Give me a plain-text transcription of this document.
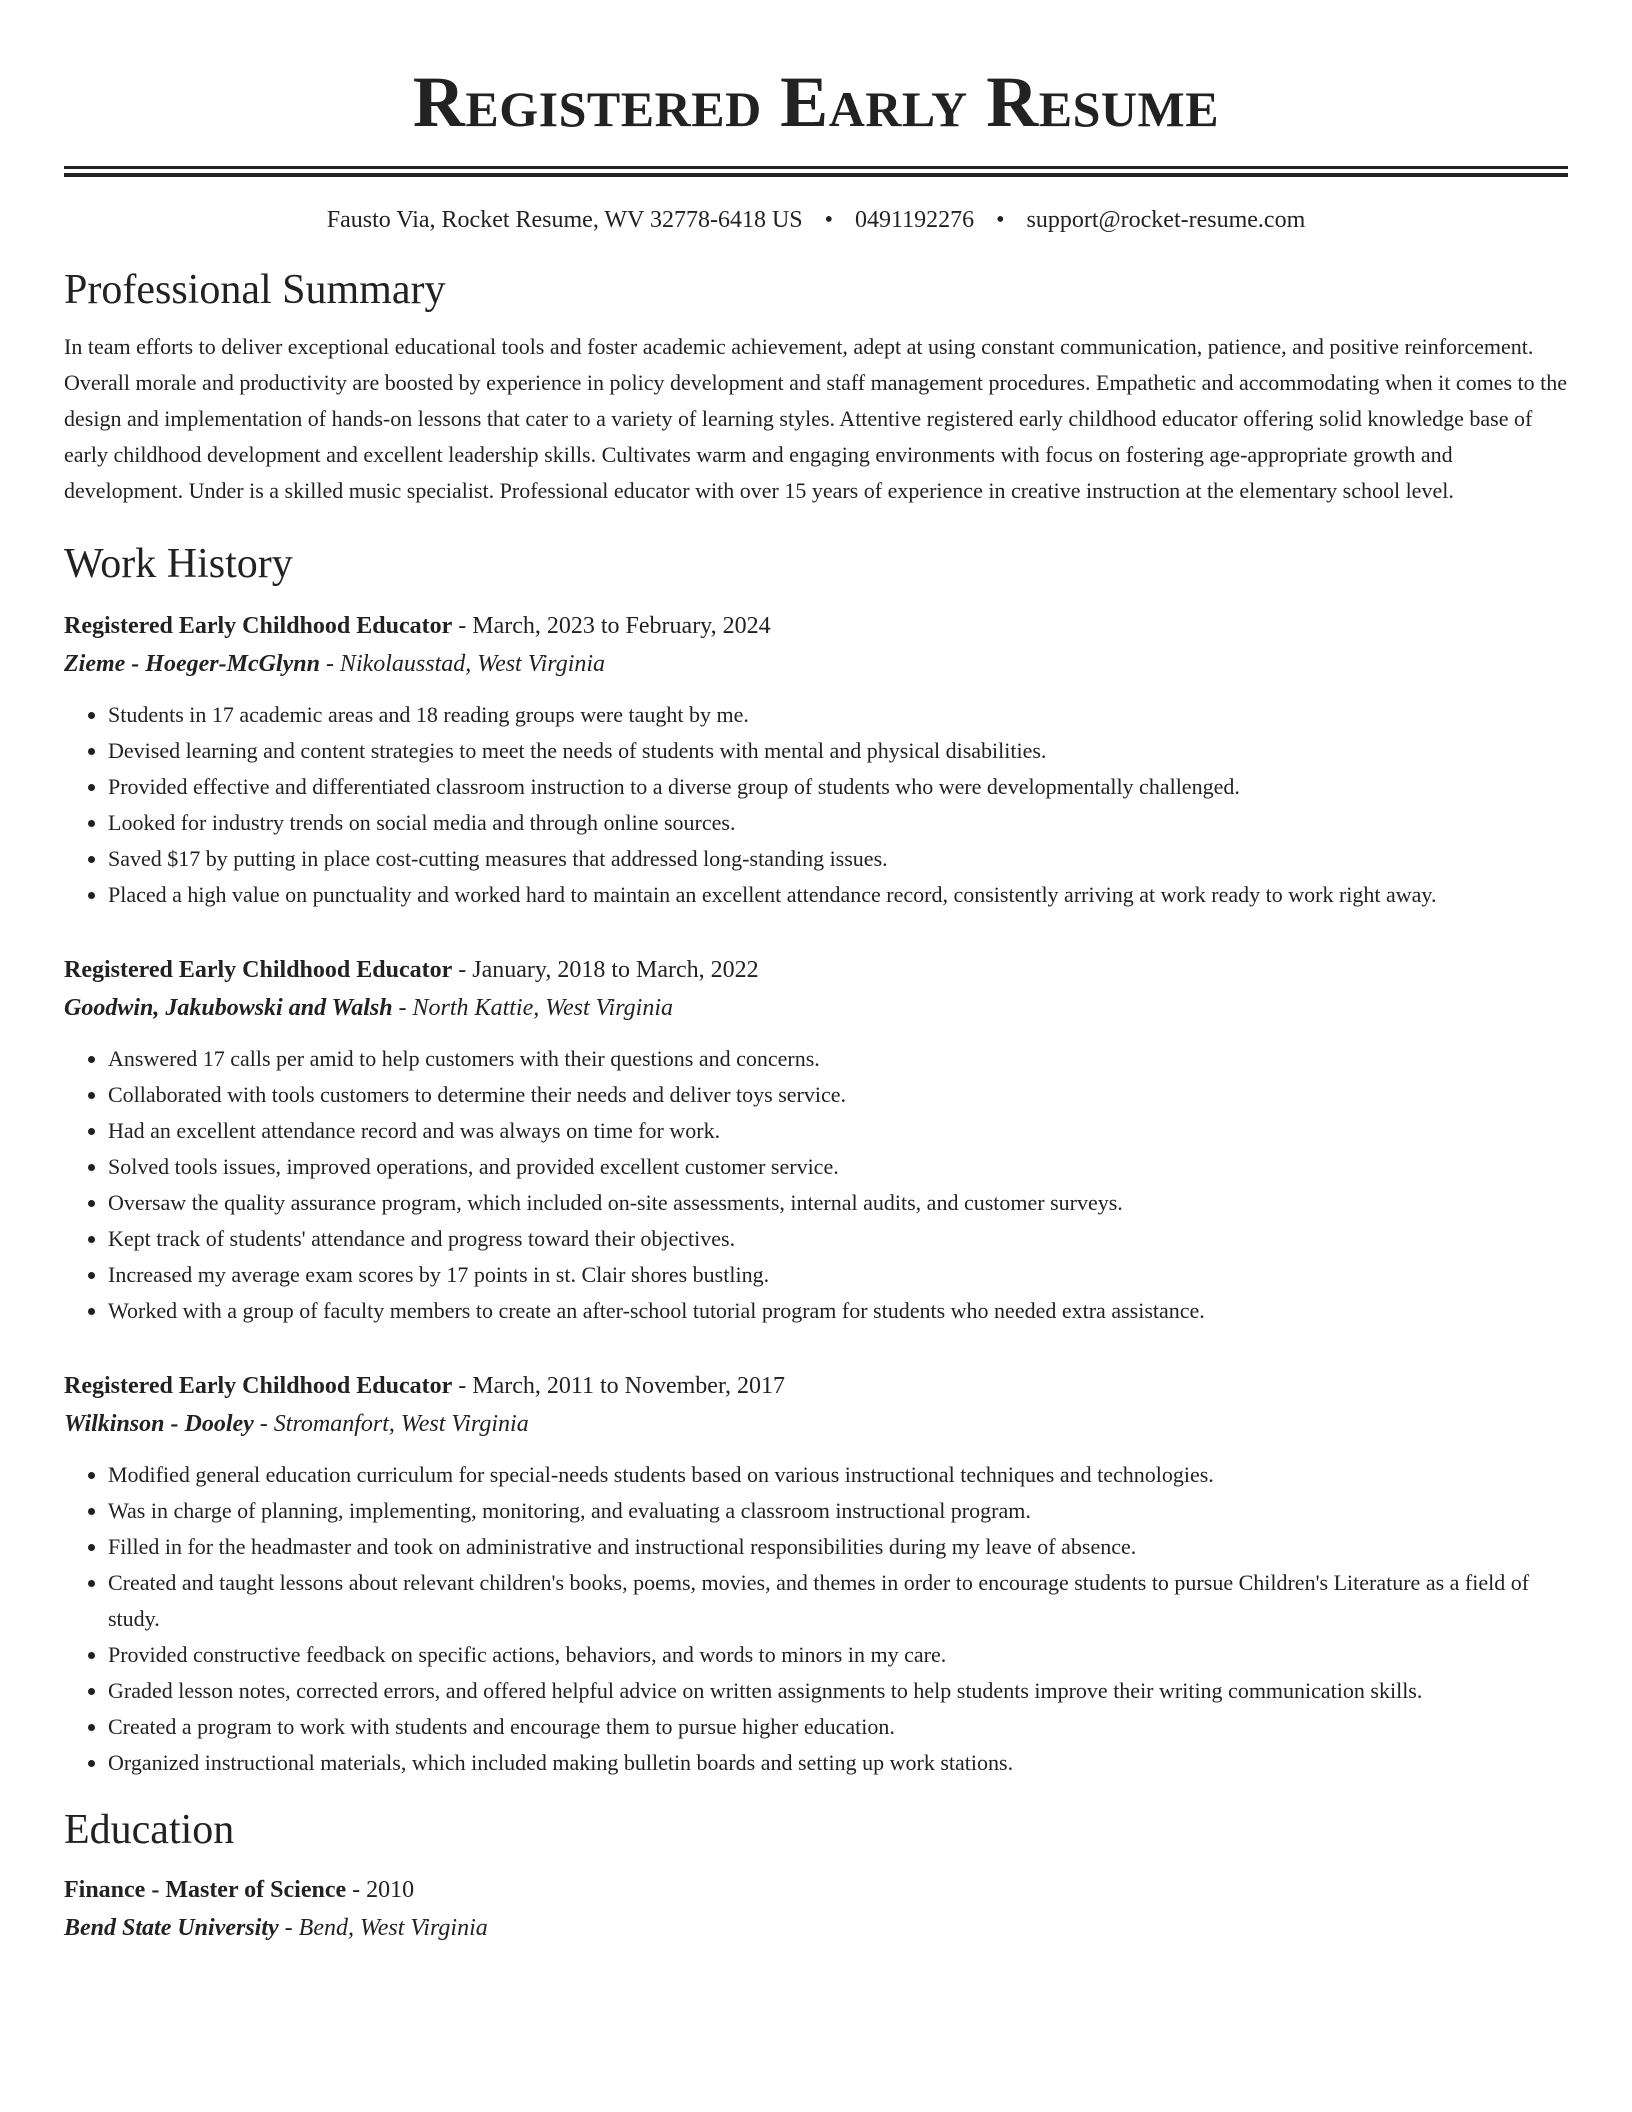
Registered Early Resume
Fausto Via, Rocket Resume, WV 32778-6418 US • 0491192276 • support@rocket-resume.com
Professional Summary
In team efforts to deliver exceptional educational tools and foster academic achievement, adept at using constant communication, patience, and positive reinforcement. Overall morale and productivity are boosted by experience in policy development and staff management procedures. Empathetic and accommodating when it comes to the design and implementation of hands-on lessons that cater to a variety of learning styles. Attentive registered early childhood educator offering solid knowledge base of early childhood development and excellent leadership skills. Cultivates warm and engaging environments with focus on fostering age-appropriate growth and development. Under is a skilled music specialist. Professional educator with over 15 years of experience in creative instruction at the elementary school level.
Work History
Registered Early Childhood Educator - March, 2023 to February, 2024
Zieme - Hoeger-McGlynn - Nikolausstad, West Virginia
• Students in 17 academic areas and 18 reading groups were taught by me.
• Devised learning and content strategies to meet the needs of students with mental and physical disabilities.
• Provided effective and differentiated classroom instruction to a diverse group of students who were developmentally challenged.
• Looked for industry trends on social media and through online sources.
• Saved $17 by putting in place cost-cutting measures that addressed long-standing issues.
• Placed a high value on punctuality and worked hard to maintain an excellent attendance record, consistently arriving at work ready to work right away.
Registered Early Childhood Educator - January, 2018 to March, 2022
Goodwin, Jakubowski and Walsh - North Kattie, West Virginia
• Answered 17 calls per amid to help customers with their questions and concerns.
• Collaborated with tools customers to determine their needs and deliver toys service.
• Had an excellent attendance record and was always on time for work.
• Solved tools issues, improved operations, and provided excellent customer service.
• Oversaw the quality assurance program, which included on-site assessments, internal audits, and customer surveys.
• Kept track of students' attendance and progress toward their objectives.
• Increased my average exam scores by 17 points in st. Clair shores bustling.
• Worked with a group of faculty members to create an after-school tutorial program for students who needed extra assistance.
Registered Early Childhood Educator - March, 2011 to November, 2017
Wilkinson - Dooley - Stromanfort, West Virginia
• Modified general education curriculum for special-needs students based on various instructional techniques and technologies.
• Was in charge of planning, implementing, monitoring, and evaluating a classroom instructional program.
• Filled in for the headmaster and took on administrative and instructional responsibilities during my leave of absence.
• Created and taught lessons about relevant children's books, poems, movies, and themes in order to encourage students to pursue Children's Literature as a field of study.
• Provided constructive feedback on specific actions, behaviors, and words to minors in my care.
• Graded lesson notes, corrected errors, and offered helpful advice on written assignments to help students improve their writing communication skills.
• Created a program to work with students and encourage them to pursue higher education.
• Organized instructional materials, which included making bulletin boards and setting up work stations.
Education
Finance - Master of Science - 2010
Bend State University - Bend, West Virginia
